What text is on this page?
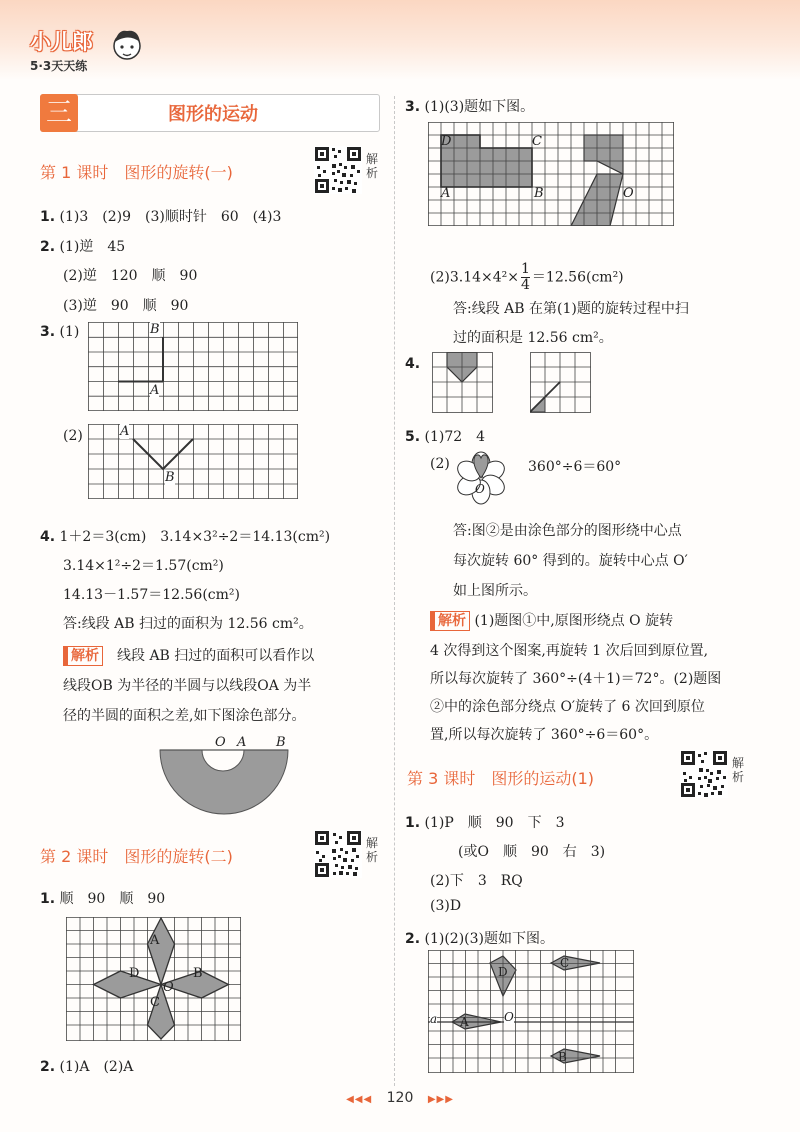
小儿郎
5·3天天练
三	图形的运动
第 1 课时　图形的旋转(一)
解析
1. (1)3　(2)9　(3)顺时针　60　(4)3
2. (1)逆　45
(2)逆　120　顺　90
(3)逆　90　顺　90
3. (1)	B
A
(2)	A
B
4. 1＋2＝3(cm)　3.14×3²÷2＝14.13(cm²)
3.14×1²÷2＝1.57(cm²)
14.13－1.57＝12.56(cm²)
答:线段 AB 扫过的面积为 12.56 cm²。
解析　 线段 AB 扫过的面积可以看作以
线段OB 为半径的半圆与以线段OA 为半
径的半圆的面积之差,如下图涂色部分。
O A B
第 2 课时　图形的旋转(二)
解析
1. 顺　90　顺　90
A
D	B
C
O
2. (1)A　(2)A
3. (1)(3)题如下图。
D	C
A	B	O
$(2)3.14\times 4^2\times \frac{1}{4} =12.56(cm^2)$
答:线段 AB 在第(1)题的旋转过程中扫
过的面积是 12.56 cm²。
4.
5. (1)72　4
(2)
O
360°÷6＝60°
答:图②是由涂色部分的图形绕中心点
每次旋转 60° 得到的。旋转中心点 O′
如上图所示。
解析 (1)题图①中,原图形绕点 O 旋转
4 次得到这个图案,再旋转 1 次后回到原位置,
所以每次旋转了 360°÷(4＋1)＝72°。(2)题图
②中的涂色部分绕点 O′旋转了 6 次回到原位
置,所以每次旋转了 360°÷6＝60°。
第 3 课时　图形的运动(1)
解析
1. (1)P　顺　90　下　3
(或O　顺　90　右　3)
(2)下　3　RQ
(3)D
2. (1)(2)(3)题如下图。
D
C
A
B
O
a
◀◀◀ 120 ▶▶▶
